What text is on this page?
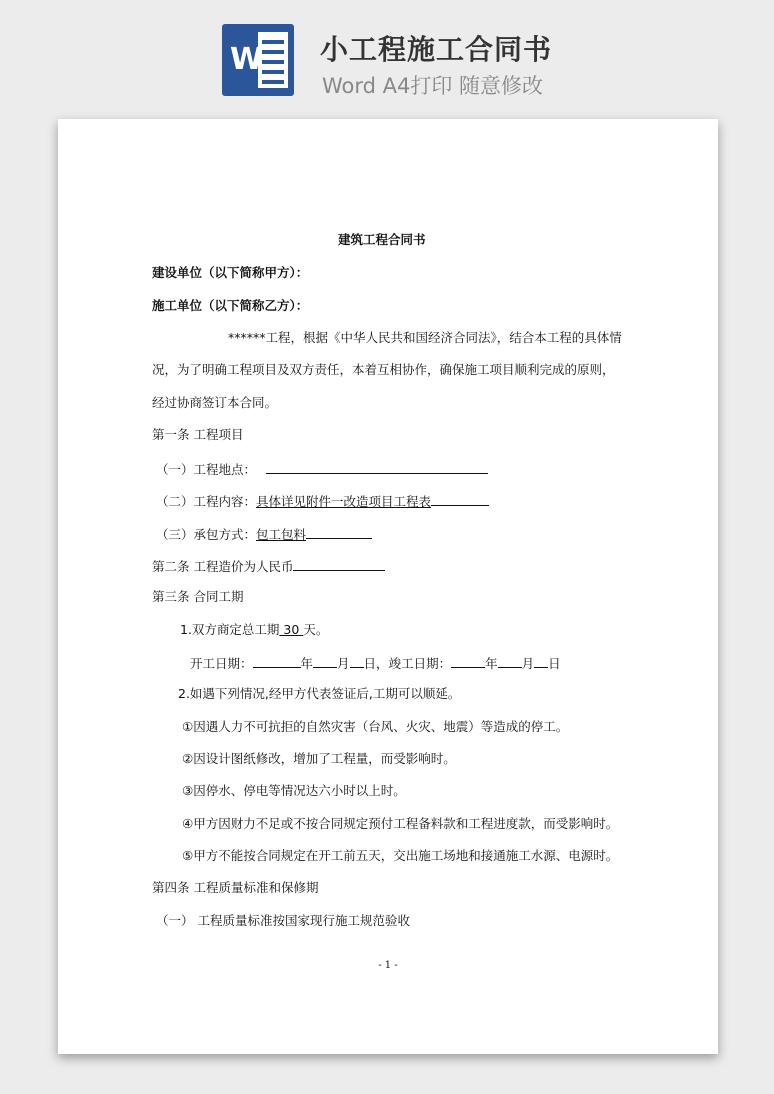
W 小工程施工合同书
Word A4打印 随意修改

建筑工程合同书

建设单位（以下简称甲方）：

施工单位（以下简称乙方）：

******工程，根据《中华人民共和国经济合同法》，结合本工程的具体情

况，为了明确工程项目及双方责任，本着互相协作，确保施工项目顺利完成的原则，

经过协商签订本合同。

第一条 工程项目

（一）工程地点：

（二）工程内容：具体详见附件一改造项目工程表

（三）承包方式：包工包料

第二条 工程造价为人民币

第三条 合同工期

1.双方商定总工期 30 天。

开工日期：	年 月 日，竣工日期：	年 月 日

2.如遇下列情况,经甲方代表签证后,工期可以顺延。

①因遇人力不可抗拒的自然灾害（台风、火灾、地震）等造成的停工。

②因设计图纸修改，增加了工程量，而受影响时。

③因停水、停电等情况达六小时以上时。

④甲方因财力不足或不按合同规定预付工程备料款和工程进度款，而受影响时。

⑤甲方不能按合同规定在开工前五天，交出施工场地和接通施工水源、电源时。

第四条 工程质量标准和保修期

（一） 工程质量标准按国家现行施工规范验收

- 1 -
